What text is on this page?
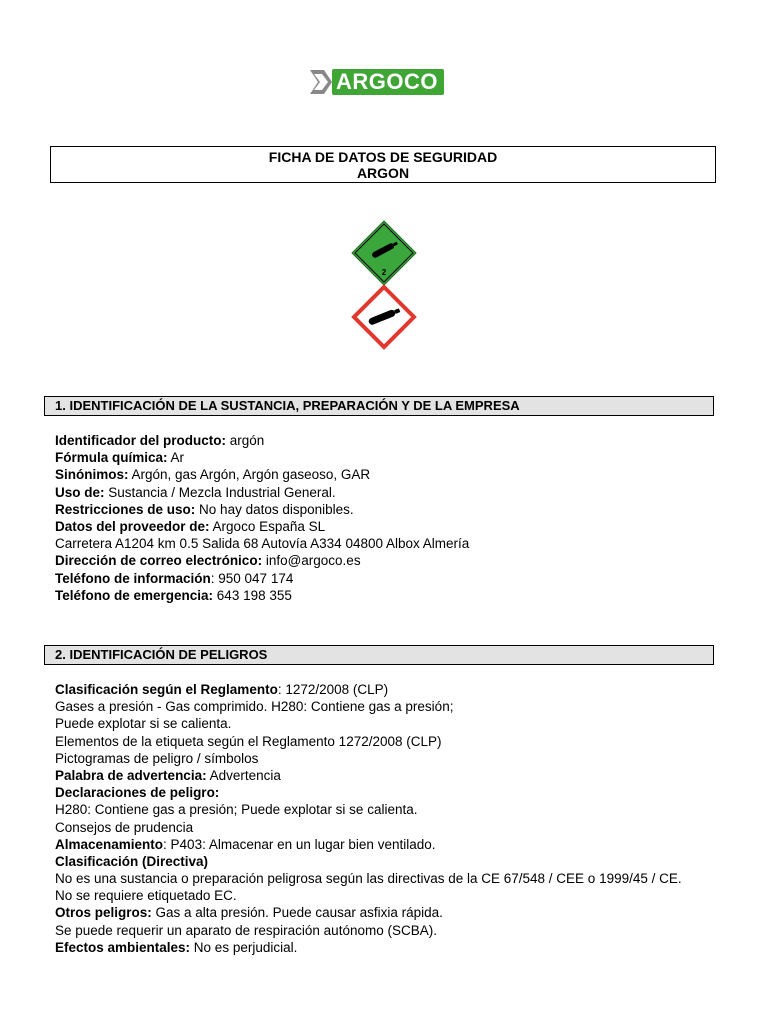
ARGOCO
FICHA DE DATOS DE SEGURIDAD
ARGON
2
1. IDENTIFICACIÓN DE LA SUSTANCIA, PREPARACIÓN Y DE LA EMPRESA
Identificador del producto: argón
Fórmula química: Ar
Sinónimos: Argón, gas Argón, Argón gaseoso, GAR
Uso de: Sustancia / Mezcla Industrial General.
Restricciones de uso: No hay datos disponibles.
Datos del proveedor de: Argoco España SL
Carretera A1204 km 0.5 Salida 68 Autovía A334 04800 Albox Almería
Dirección de correo electrónico: info@argoco.es
Teléfono de información: 950 047 174
Teléfono de emergencia: 643 198 355
2. IDENTIFICACIÓN DE PELIGROS
Clasificación según el Reglamento: 1272/2008 (CLP)
Gases a presión - Gas comprimido. H280: Contiene gas a presión;
Puede explotar si se calienta.
Elementos de la etiqueta según el Reglamento 1272/2008 (CLP)
Pictogramas de peligro / símbolos
Palabra de advertencia: Advertencia
Declaraciones de peligro:
H280: Contiene gas a presión; Puede explotar si se calienta.
Consejos de prudencia
Almacenamiento: P403: Almacenar en un lugar bien ventilado.
Clasificación (Directiva)
No es una sustancia o preparación peligrosa según las directivas de la CE 67/548 / CEE o 1999/45 / CE.
No se requiere etiquetado EC.
Otros peligros: Gas a alta presión. Puede causar asfixia rápida.
Se puede requerir un aparato de respiración autónomo (SCBA).
Efectos ambientales: No es perjudicial.
